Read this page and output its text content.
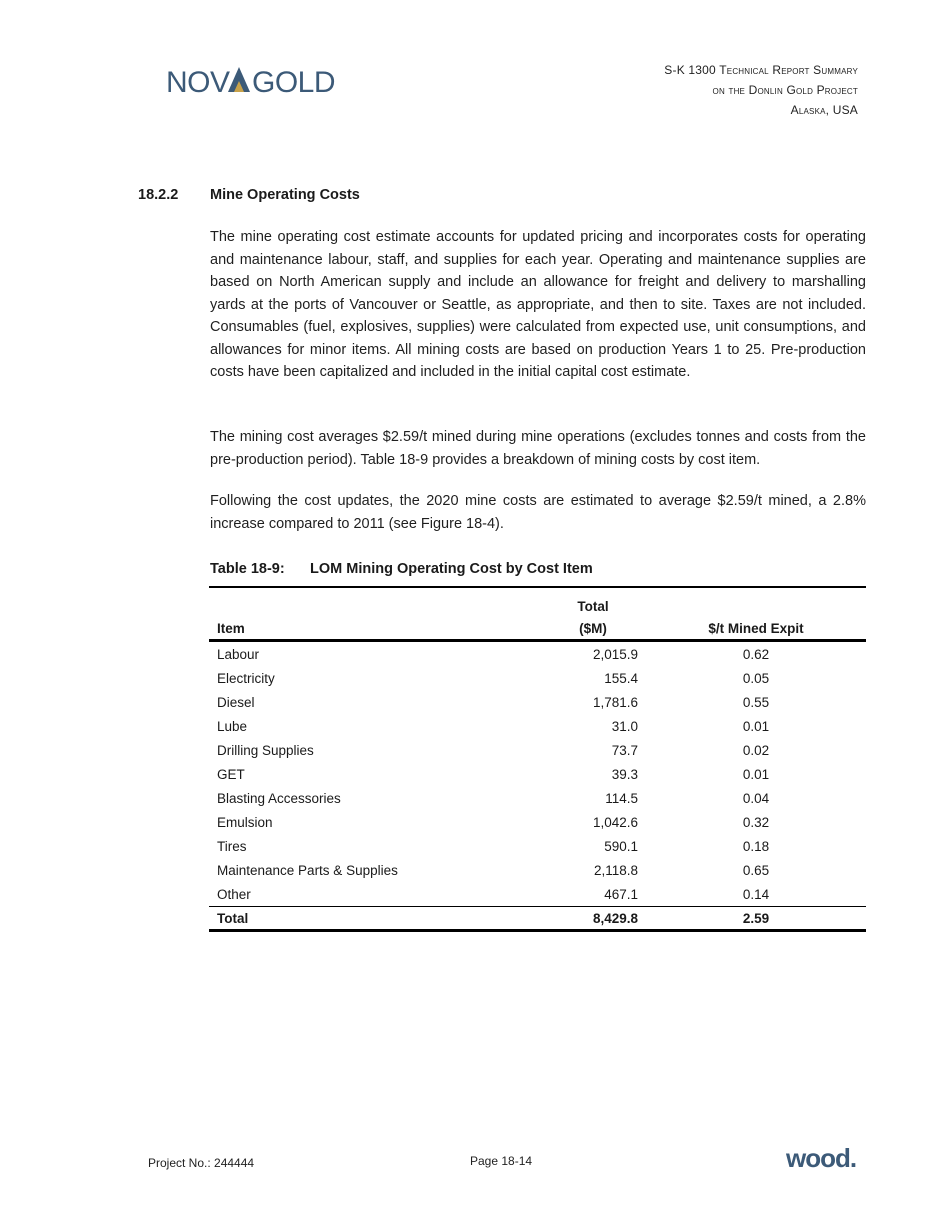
NOV GOLD	S-K 1300 Technical Report Summary
on the Donlin Gold Project
Alaska, USA
18.2.2 Mine Operating Costs
The mine operating cost estimate accounts for updated pricing and incorporates costs for operating and maintenance labour, staff, and supplies for each year. Operating and maintenance supplies are based on North American supply and include an allowance for freight and delivery to marshalling yards at the ports of Vancouver or Seattle, as appropriate, and then to site. Taxes are not included. Consumables (fuel, explosives, supplies) were calculated from expected use, unit consumptions, and allowances for minor items. All mining costs are based on production Years 1 to 25. Pre-production costs have been capitalized and included in the initial capital cost estimate.
The mining cost averages $2.59/t mined during mine operations (excludes tonnes and costs from the pre-production period). Table 18-9 provides a breakdown of mining costs by cost item.
Following the cost updates, the 2020 mine costs are estimated to average $2.59/t mined, a 2.8% increase compared to 2011 (see Figure 18-4).
Table 18-9: LOM Mining Operating Cost by Cost Item
	Total	
Item	($M)	$/t Mined Expit
Labour	2,015.9	0.62
Electricity	155.4	0.05
Diesel	1,781.6	0.55
Lube	31.0	0.01
Drilling Supplies	73.7	0.02
GET	39.3	0.01
Blasting Accessories	114.5	0.04
Emulsion	1,042.6	0.32
Tires	590.1	0.18
Maintenance Parts & Supplies	2,118.8	0.65
Other	467.1	0.14
Total	8,429.8	2.59
Project No.: 244444	Page 18-14	wood.
